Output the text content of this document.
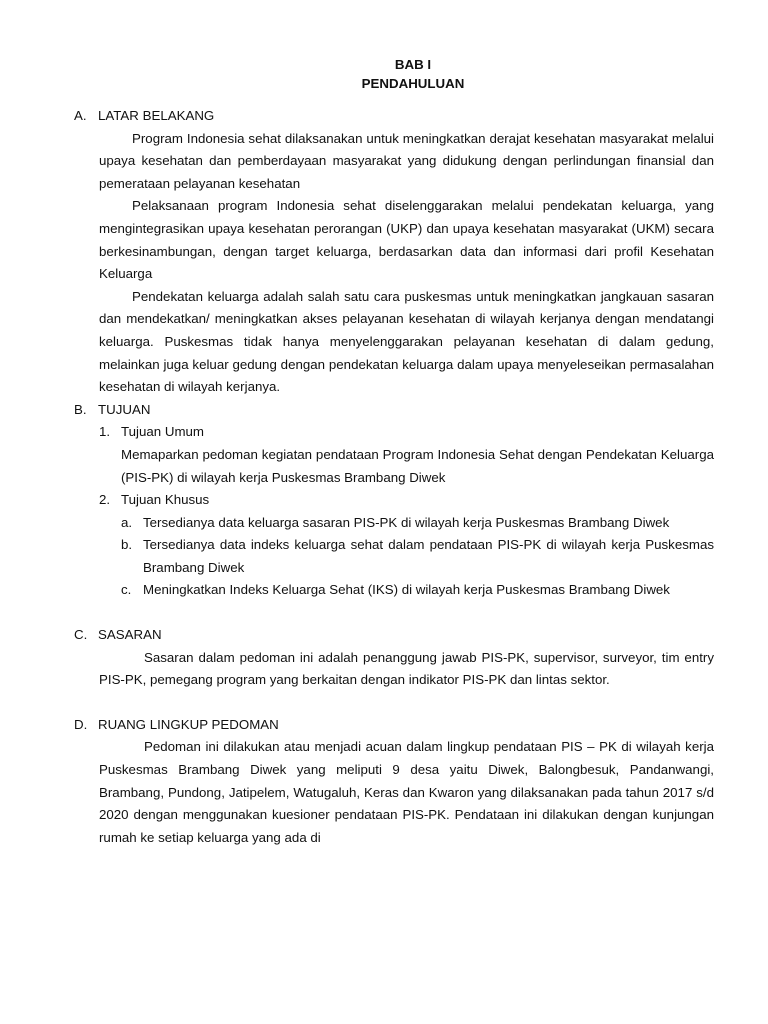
BAB I

PENDAHULUAN

A. LATAR BELAKANG

Program Indonesia sehat dilaksanakan untuk meningkatkan derajat kesehatan masyarakat melalui upaya kesehatan dan pemberdayaan masyarakat yang didukung dengan perlindungan finansial dan pemerataan pelayanan kesehatan

Pelaksanaan program Indonesia sehat diselenggarakan melalui pendekatan keluarga, yang mengintegrasikan upaya kesehatan perorangan (UKP) dan upaya kesehatan masyarakat (UKM) secara berkesinambungan, dengan target keluarga, berdasarkan data dan informasi dari profil Kesehatan Keluarga

Pendekatan keluarga adalah salah satu cara puskesmas untuk meningkatkan jangkauan sasaran dan mendekatkan/ meningkatkan akses pelayanan kesehatan di wilayah kerjanya dengan mendatangi keluarga. Puskesmas tidak hanya menyelenggarakan pelayanan kesehatan di dalam gedung, melainkan juga keluar gedung dengan pendekatan keluarga dalam upaya menyeleseikan permasalahan kesehatan di wilayah kerjanya.

B. TUJUAN
1. Tujuan Umum

Memaparkan pedoman kegiatan pendataan Program Indonesia Sehat dengan Pendekatan Keluarga (PIS-PK) di wilayah kerja Puskesmas Brambang Diwek

2. Tujuan Khusus
a. Tersedianya data keluarga sasaran PIS-PK di wilayah kerja Puskesmas Brambang Diwek
b. Tersedianya data indeks keluarga sehat dalam pendataan PIS-PK di wilayah kerja Puskesmas Brambang Diwek
c. Meningkatkan Indeks Keluarga Sehat (IKS) di wilayah kerja Puskesmas Brambang Diwek
C. SASARAN

Sasaran dalam pedoman ini adalah penanggung jawab PIS-PK, supervisor, surveyor, tim entry PIS-PK, pemegang program yang berkaitan dengan indikator PIS-PK dan lintas sektor.

D. RUANG LINGKUP PEDOMAN

Pedoman ini dilakukan atau menjadi acuan dalam lingkup pendataan PIS – PK di wilayah kerja Puskesmas Brambang Diwek yang meliputi 9 desa yaitu Diwek, Balongbesuk, Pandanwangi, Brambang, Pundong, Jatipelem, Watugaluh, Keras dan Kwaron yang dilaksanakan pada tahun 2017 s/d 2020 dengan menggunakan kuesioner pendataan PIS-PK. Pendataan ini dilakukan dengan kunjungan rumah ke setiap keluarga yang ada di
